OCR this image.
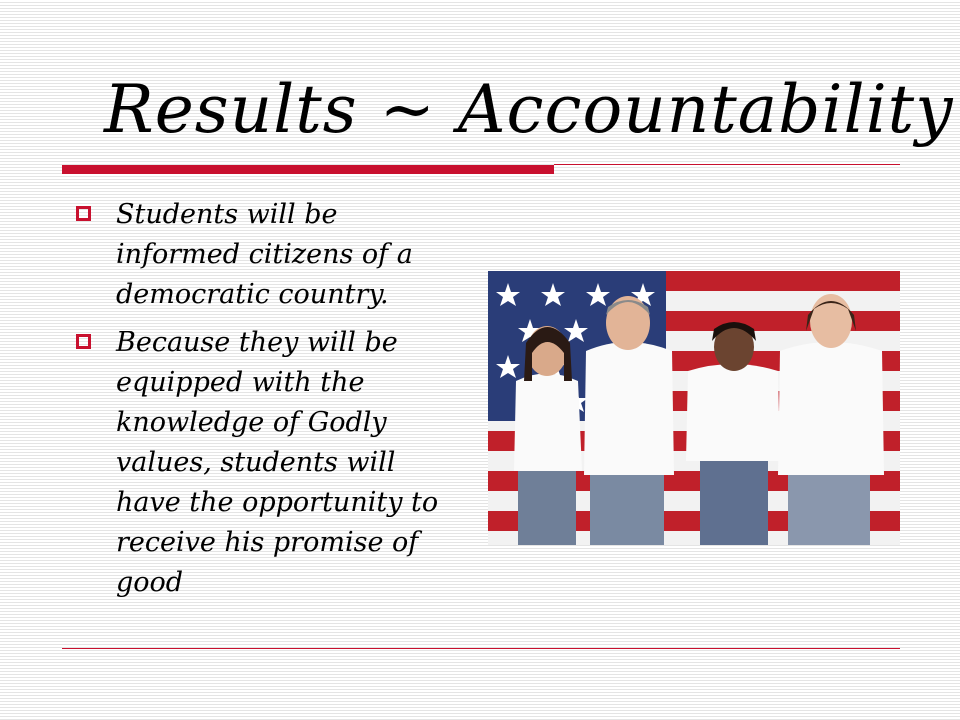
Results ~ Accountability
Students will be informed citizens of a democratic country.
Because they will be equipped with the knowledge of Godly values, students will have the opportunity to receive his promise of good
